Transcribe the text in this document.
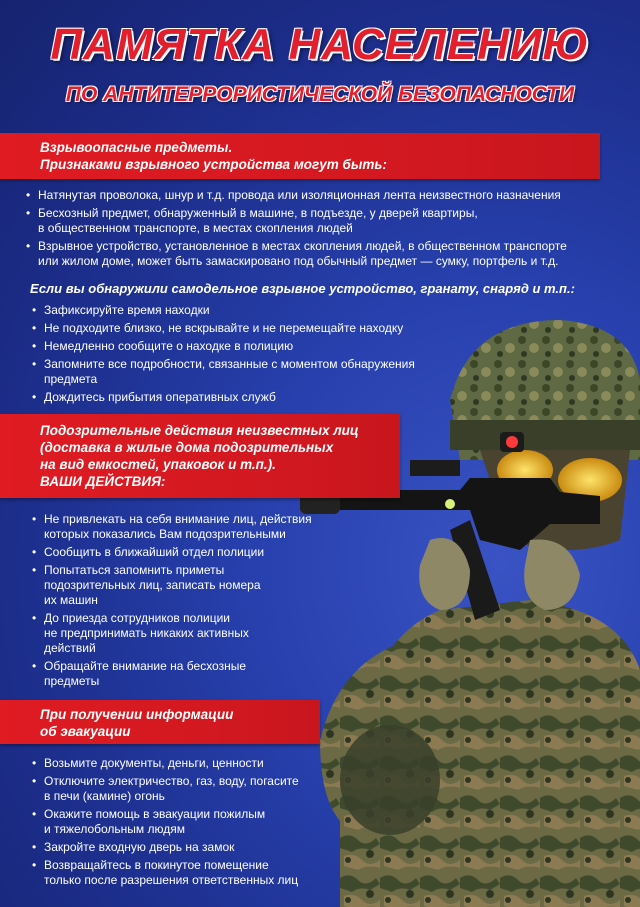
ПАМЯТКА НАСЕЛЕНИЮ
ПО АНТИТЕРРОРИСТИЧЕСКОЙ БЕЗОПАСНОСТИ
Взрывоопасные предметы.
Признаками взрывного устройства могут быть:
• Натянутая проволока, шнур и т.д. провода или изоляционная лента неизвестного назначения
• Бесхозный предмет, обнаруженный в машине, в подъезде, у дверей квартиры,
в общественном транспорте, в местах скопления людей
• Взрывное устройство, установленное в местах скопления людей, в общественном транспорте
или жилом доме, может быть замаскировано под обычный предмет — сумку, портфель и т.д.
Если вы обнаружили самодельное взрывное устройство, гранату, снаряд и т.п.:
• Зафиксируйте время находки
• Не подходите близко, не вскрывайте и не перемещайте находку
• Немедленно сообщите о находке в полицию
• Запомните все подробности, связанные с моментом обнаружения
предмета
• Дождитесь прибытия оперативных служб
Подозрительные действия неизвестных лиц
(доставка в жилые дома подозрительных
на вид емкостей, упаковок и т.п.).
ВАШИ ДЕЙСТВИЯ:
• Не привлекать на себя внимание лиц, действия
которых показались Вам подозрительными
• Сообщить в ближайший отдел полиции
• Попытаться запомнить приметы
подозрительных лиц, записать номера
их машин
• До приезда сотрудников полиции
не предпринимать никаких активных
действий
• Обращайте внимание на бесхозные
предметы
При получении информации
об эвакуации
• Возьмите документы, деньги, ценности
• Отключите электричество, газ, воду, погасите
в печи (камине) огонь
• Окажите помощь в эвакуации пожилым
и тяжелобольным людям
• Закройте входную дверь на замок
• Возвращайтесь в покинутое помещение
только после разрешения ответственных лиц
